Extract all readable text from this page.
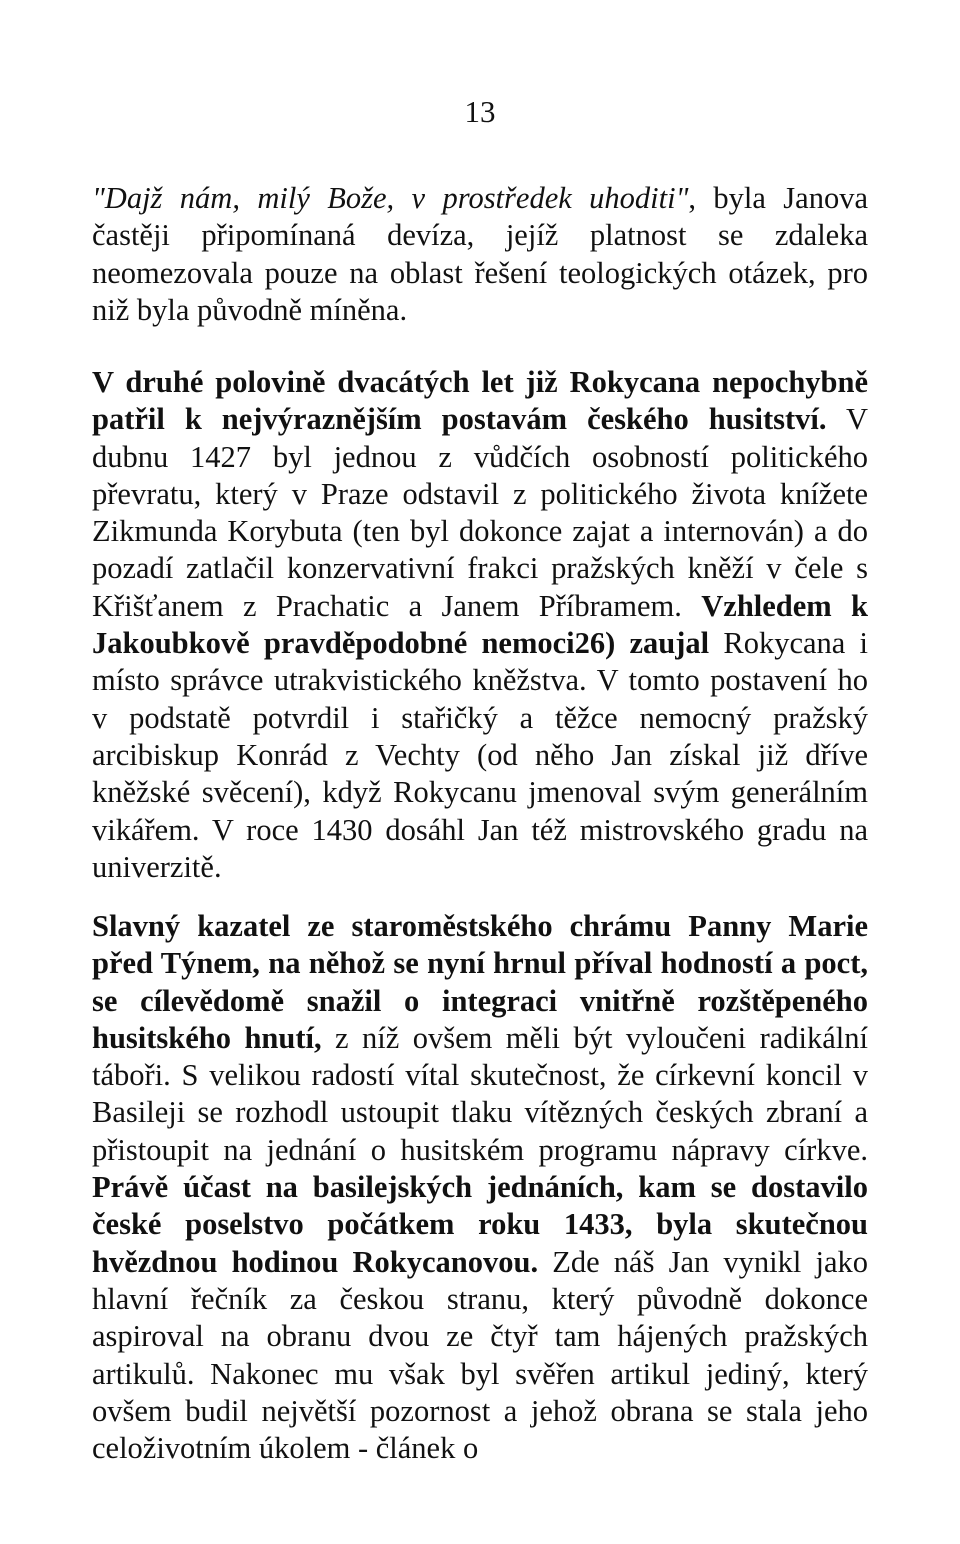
13

"Dajž nám, milý Bože, v prostředek uhoditi", byla Janova častěji připomínaná devíza, jejíž platnost se zdaleka neomezovala pouze na oblast řešení teologických otázek, pro niž byla původně míněna.

V druhé polovině dvacátých let již Rokycana nepochybně patřil k nejvýraznějším postavám českého husitství. V dubnu 1427 byl jednou z vůdčích osobností politického převratu, který v Praze odstavil z politického života knížete Zikmunda Korybuta (ten byl dokonce zajat a internován) a do pozadí zatlačil konzervativní frakci pražských kněží v čele s Křišťanem z Prachatic a Janem Příbramem. Vzhledem k Jakoubkově pravděpodobné nemoci26) zaujal Rokycana i místo správce utrakvistického kněžstva. V tomto postavení ho v podstatě potvrdil i stařičký a těžce nemocný pražský arcibiskup Konrád z Vechty (od něho Jan získal již dříve kněžské svěcení), když Rokycanu jmenoval svým generálním vikářem. V roce 1430 dosáhl Jan též mistrovského gradu na univerzitě.

Slavný kazatel ze staroměstského chrámu Panny Marie před Týnem, na něhož se nyní hrnul příval hodností a poct, se cílevědomě snažil o integraci vnitřně rozštěpeného husitského hnutí, z níž ovšem měli být vyloučeni radikální táboři. S velikou radostí vítal skutečnost, že církevní koncil v Basileji se rozhodl ustoupit tlaku vítězných českých zbraní a přistoupit na jednání o husitském programu nápravy církve. Právě účast na basilejských jednáních, kam se dostavilo české poselstvo počátkem roku 1433, byla skutečnou hvězdnou hodinou Rokycanovou. Zde náš Jan vynikl jako hlavní řečník za českou stranu, který původně dokonce aspiroval na obranu dvou ze čtyř tam hájených pražských artikulů. Nakonec mu však byl svěřen artikul jediný, který ovšem budil největší pozornost a jehož obrana se stala jeho celoživotním úkolem - článek o
